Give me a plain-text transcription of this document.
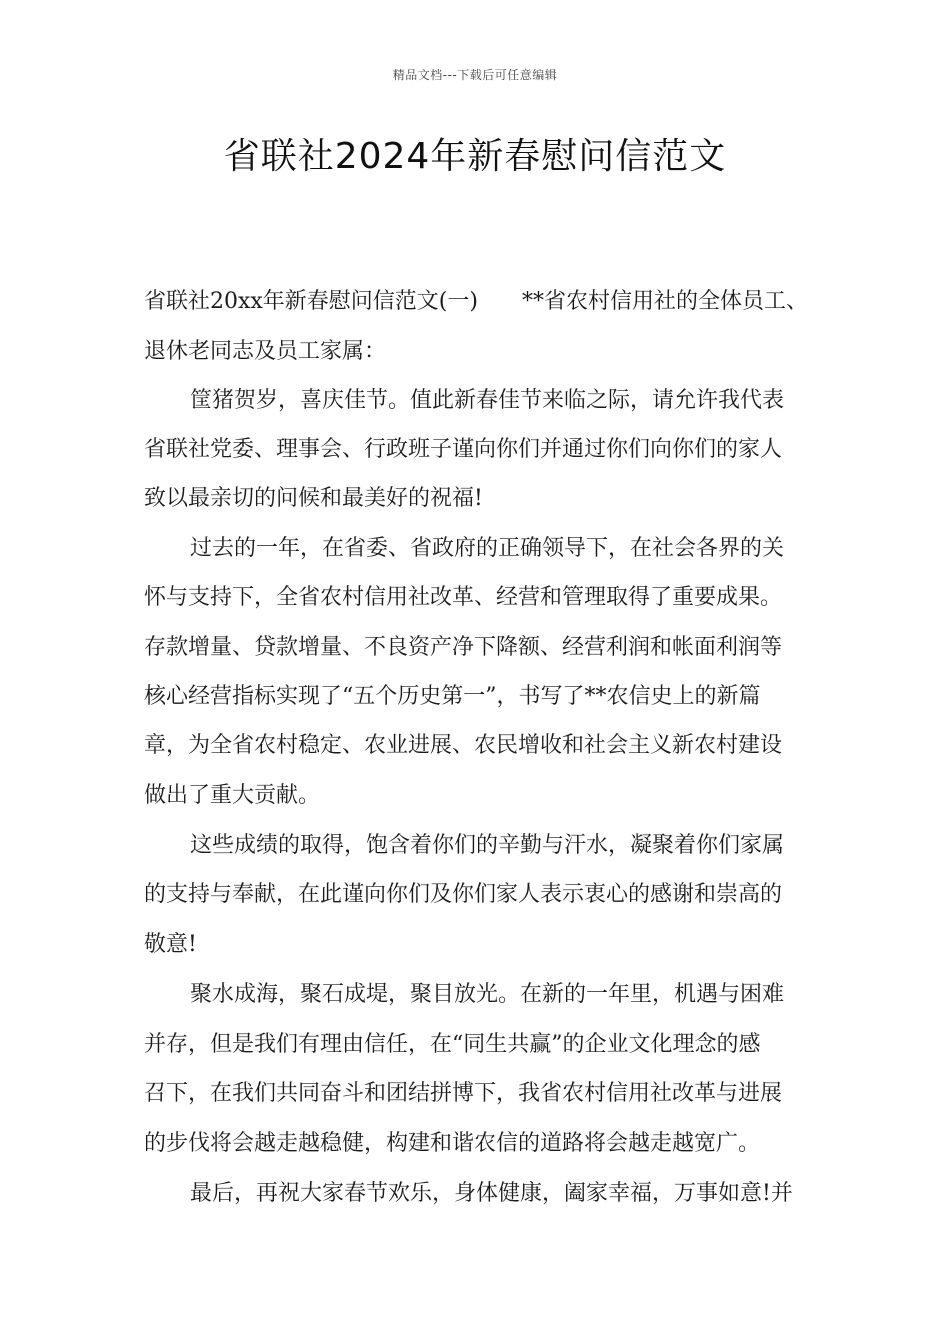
精品文档---下载后可任意编辑
省联社2024年新春慰问信范文
省联社20xx年新春慰问信范文(一) **省农村信用社的全体员工、
退休老同志及员工家属：
筐猪贺岁，喜庆佳节。值此新春佳节来临之际，请允许我代表
省联社党委、理事会、行政班子谨向你们并通过你们向你们的家人
致以最亲切的问候和最美好的祝福!
过去的一年，在省委、省政府的正确领导下，在社会各界的关
怀与支持下，全省农村信用社改革、经营和管理取得了重要成果。
存款增量、贷款增量、不良资产净下降额、经营利润和帐面利润等
核心经营指标实现了“五个历史第一”，书写了**农信史上的新篇
章，为全省农村稳定、农业进展、农民增收和社会主义新农村建设
做出了重大贡献。
这些成绩的取得，饱含着你们的辛勤与汗水，凝聚着你们家属
的支持与奉献，在此谨向你们及你们家人表示衷心的感谢和崇高的
敬意!
聚水成海，聚石成堤，聚目放光。在新的一年里，机遇与困难
并存，但是我们有理由信任，在“同生共赢”的企业文化理念的感
召下，在我们共同奋斗和团结拼博下，我省农村信用社改革与进展
的步伐将会越走越稳健，构建和谐农信的道路将会越走越宽广。
最后，再祝大家春节欢乐，身体健康，阖家幸福，万事如意!并
